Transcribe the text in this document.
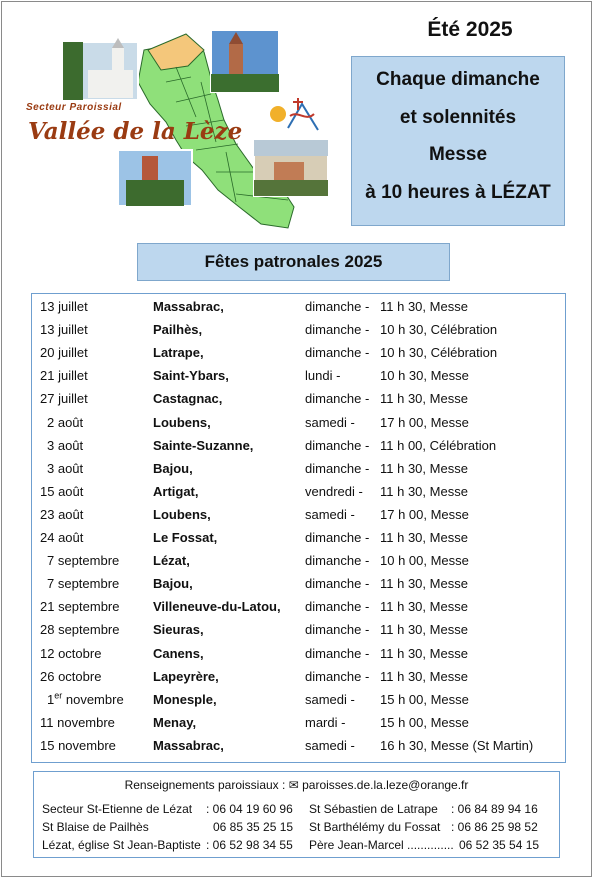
Secteur Paroissial
Vallée de la Lèze
Été 2025
Chaque dimanche
et solennités
Messe
à 10 heures à LÉZAT
Fêtes patronales 2025
13 juillet	Massabrac,	dimanche - 11 h 30, Messe
13 juillet	Pailhès,	dimanche - 10 h 30, Célébration
20 juillet	Latrape,	dimanche - 10 h 30, Célébration
21 juillet	Saint-Ybars,	lundi -	10 h 30, Messe
27 juillet	Castagnac,	dimanche - 11 h 30, Messe
2 août	Loubens,	samedi - 17 h 00, Messe
3 août	Sainte-Suzanne,	dimanche - 11 h 00, Célébration
3 août	Bajou,	dimanche - 11 h 30, Messe
15 août	Artigat,	vendredi - 11 h 30, Messe
23 août	Loubens,	samedi - 17 h 00, Messe
24 août	Le Fossat,	dimanche - 11 h 30, Messe
7 septembre	Lézat,	dimanche - 10 h 00, Messe
7 septembre	Bajou,	dimanche - 11 h 30, Messe
21 septembre	Villeneuve-du-Latou, dimanche - 11 h 30, Messe
28 septembre	Sieuras,	dimanche - 11 h 30, Messe
12 octobre	Canens,	dimanche - 11 h 30, Messe
26 octobre	Lapeyrère,	dimanche - 11 h 30, Messe
1er novembre Monesple,	samedi - 15 h 00, Messe
11 novembre	Menay,	mardi -	15 h 00, Messe
15 novembre	Massabrac,	samedi - 16 h 30, Messe (St Martin)
Renseignements paroissiaux : ✉ paroisses.de.la.leze@orange.fr
Secteur St-Etienne de Lézat : 06 04 19 60 96
St Blaise de Pailhès	06 85 35 25 15
Lézat, église St Jean-Baptiste : 06 52 98 34 55
St Sébastien de Latrape : 06 84 89 94 16
St Barthélémy du Fossat : 06 86 25 98 52
Père Jean-Marcel .............. 06 52 35 54 15
